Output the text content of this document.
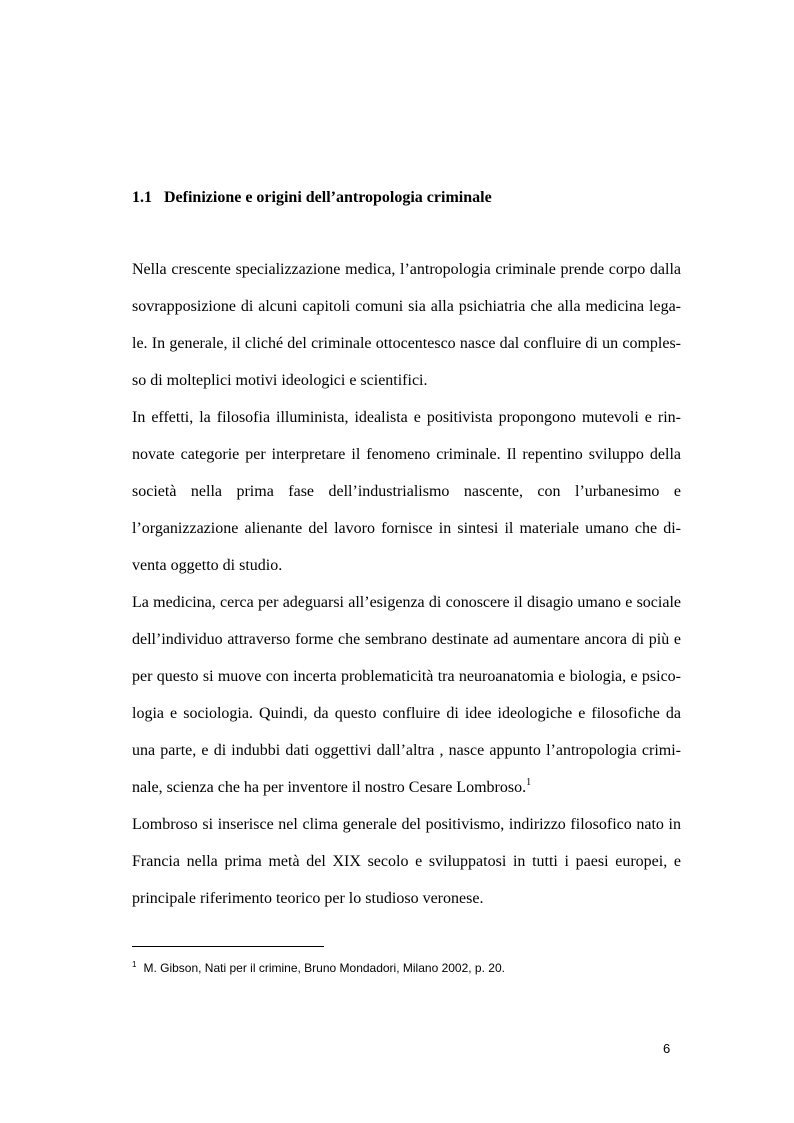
1.1 Definizione e origini dell’antropologia criminale
Nella crescente specializzazione medica, l’antropologia criminale prende corpo dalla
sovrapposizione di alcuni capitoli comuni sia alla psichiatria che alla medicina lega-
le. In generale, il cliché del criminale ottocentesco nasce dal confluire di un comples-
so di molteplici motivi ideologici e scientifici.
In effetti, la filosofia illuminista, idealista e positivista propongono mutevoli e rin-
novate categorie per interpretare il fenomeno criminale. Il repentino sviluppo della
società nella prima fase dell’industrialismo nascente, con l’urbanesimo e
l’organizzazione alienante del lavoro fornisce in sintesi il materiale umano che di-
venta oggetto di studio.
La medicina, cerca per adeguarsi all’esigenza di conoscere il disagio umano e sociale
dell’individuo attraverso forme che sembrano destinate ad aumentare ancora di più e
per questo si muove con incerta problematicità tra neuroanatomia e biologia, e psico-
logia e sociologia. Quindi, da questo confluire di idee ideologiche e filosofiche da
una parte, e di indubbi dati oggettivi dall’altra , nasce appunto l’antropologia crimi-
nale, scienza che ha per inventore il nostro Cesare Lombroso.$^1$
Lombroso si inserisce nel clima generale del positivismo, indirizzo filosofico nato in
Francia nella prima metà del XIX secolo e sviluppatosi in tutti i paesi europei, e
principale riferimento teorico per lo studioso veronese.
$^1$ M. Gibson, Nati per il crimine, Bruno Mondadori, Milano 2002, p. 20.
6
